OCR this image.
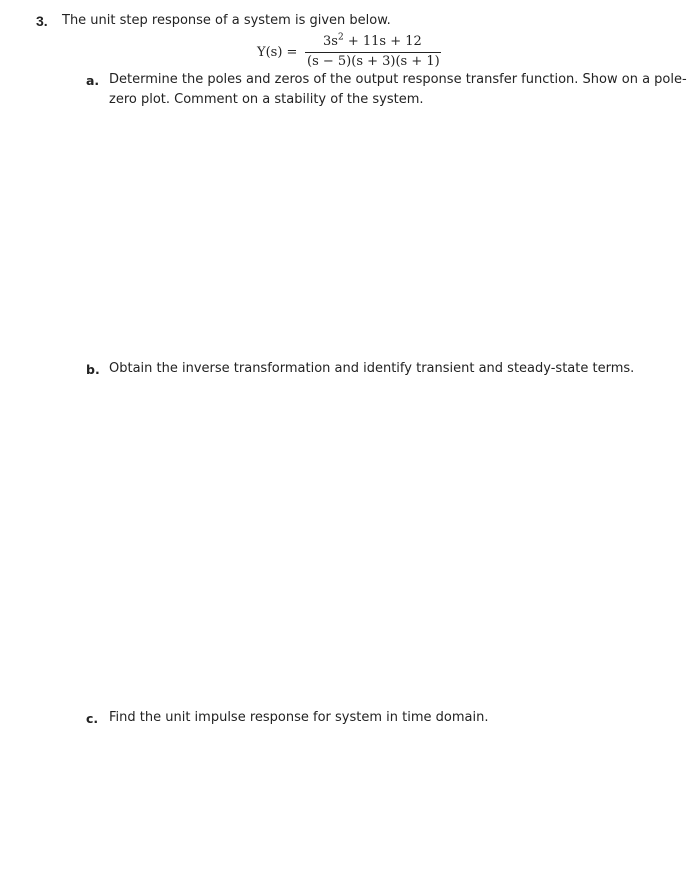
3. The unit step response of a system is given below.
Y(s) =
$3s^2 + 11s + 12$
(s − 5)(s + 3)(s + 1)
a. Determine the poles and zeros of the output response transfer function. Show on a pole-
zero plot. Comment on a stability of the system.
b. Obtain the inverse transformation and identify transient and steady-state terms.
c. Find the unit impulse response for system in time domain.
